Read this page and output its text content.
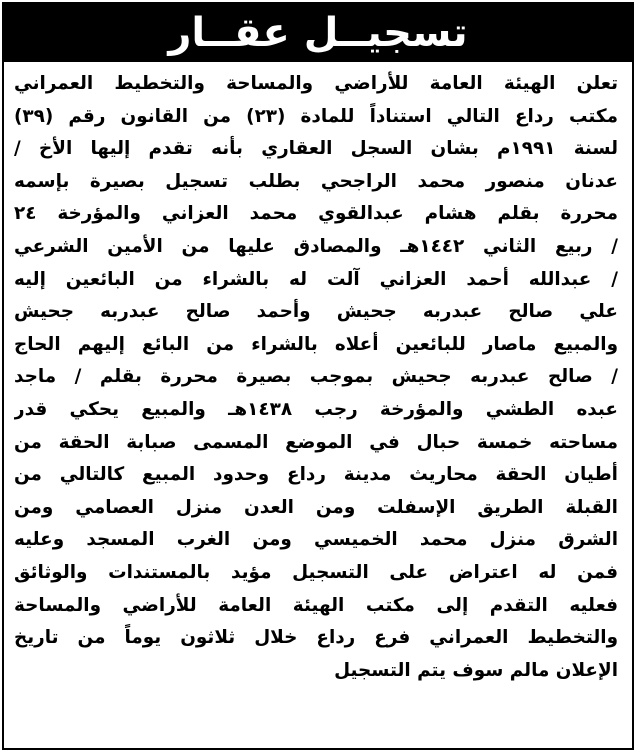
تسجيــل عقــار
تعلن الهيئة العامة للأراضي والمساحة والتخطيط العمراني
مكتب رداع التالي استناداً للمادة (٢٣) من القانون رقم (٣٩)
لسنة ١٩٩١م بشان السجل العقاري بأنه تقدم إليها الأخ /
عدنان منصور محمد الراجحي بطلب تسجيل بصيرة بإسمه
محررة بقلم هشام عبدالقوي محمد العزاني والمؤرخة ٢٤
/ ربيع الثاني ١٤٤٢هـ والمصادق عليها من الأمين الشرعي
/ عبدالله أحمد العزاني آلت له بالشراء من البائعين إليه
علي صالح عبدربه جحيش وأحمد صالح عبدربه جحيش
والمبيع ماصار للبائعين أعلاه بالشراء من البائع إليهم الحاج
/ صالح عبدربه جحيش بموجب بصيرة محررة بقلم / ماجد
عبده الطشي والمؤرخة رجب ١٤٣٨هـ والمبيع يحكي قدر
مساحته خمسة حبال في الموضع المسمى صبابة الحقة من
أطيان الحقة محاريث مدينة رداع وحدود المبيع كالتالي من
القبلة الطريق الإسفلت ومن العدن منزل العصامي ومن
الشرق منزل محمد الخميسي ومن الغرب المسجد وعليه
فمن له اعتراض على التسجيل مؤيد بالمستندات والوثائق
فعليه التقدم إلى مكتب الهيئة العامة للأراضي والمساحة
والتخطيط العمراني فرع رداع خلال ثلاثون يوماً من تاريخ
الإعلان مالم سوف يتم التسجيل
